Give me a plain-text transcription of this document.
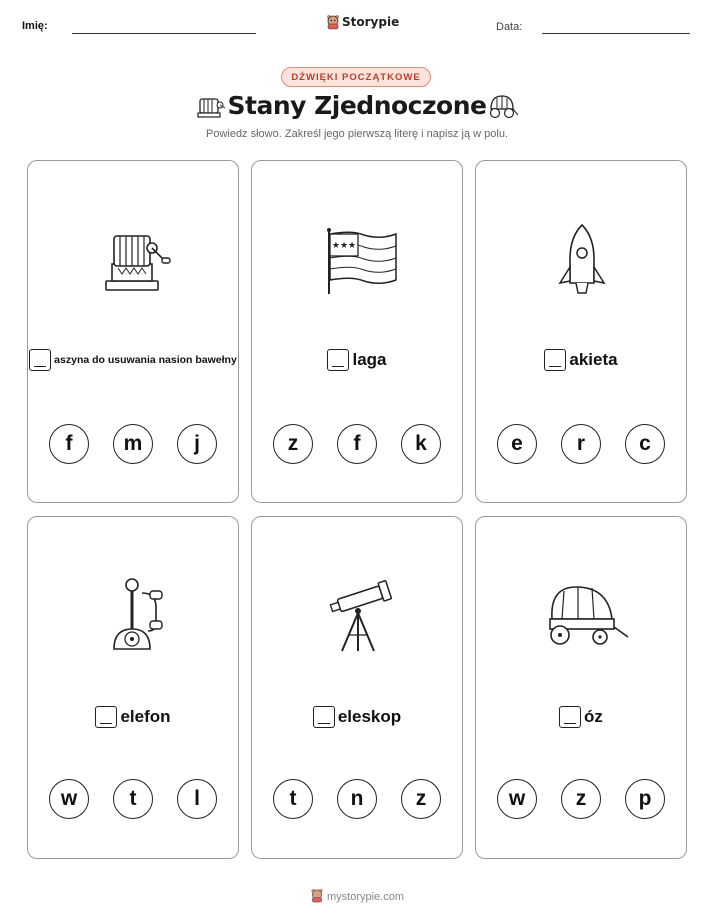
Imię:	Storypie	Data:
DŹWIĘKI POCZĄTKOWE
Stany Zjednoczone
Powiedz słowo. Zakreśl jego pierwszą literę i napisz ją w polu.
aszyna do usuwania nasion bawełny
f	m	j
★★★
laga
z	f	k
akieta
e	r	c
elefon
w	t	l
eleskop
t	n	z
óz
w	z	p
mystorypie.com
